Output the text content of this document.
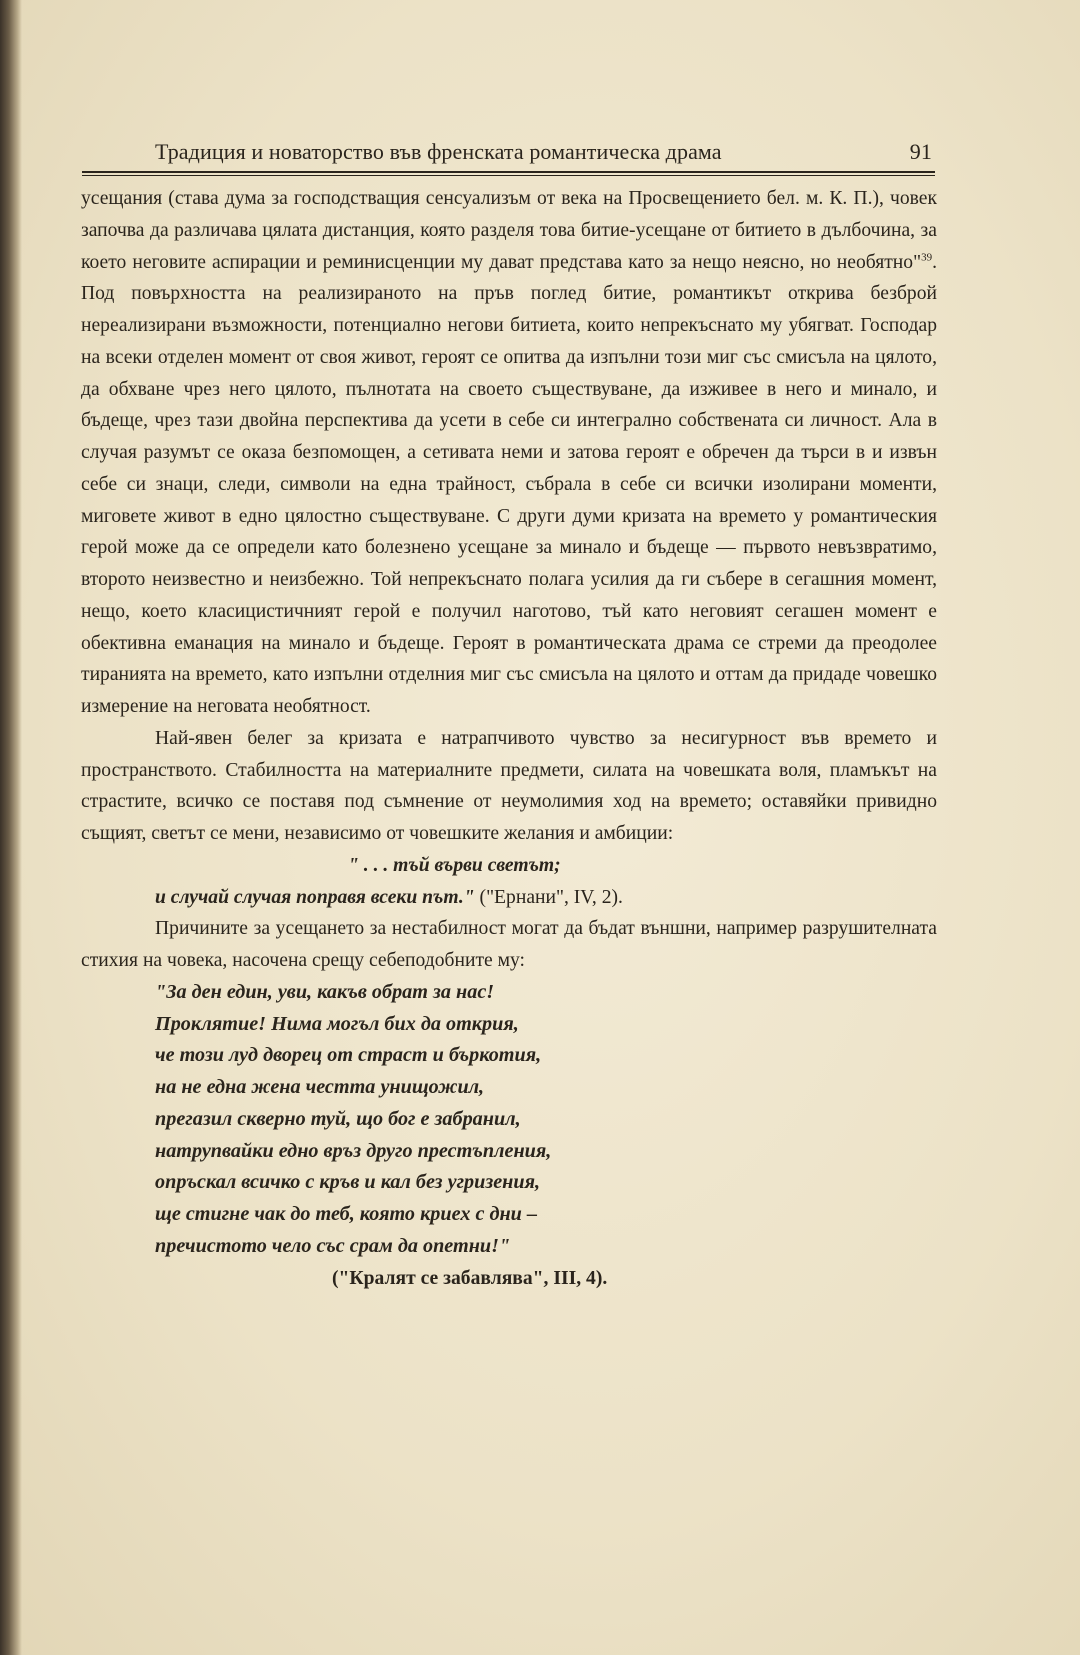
Традиция и новаторство във френската романтическа драма	91

усещания (става дума за господстващия сенсуализъм от века на Просвещението бел. м. К. П.), човек започва да различава цялата дистанция, която разделя това битие-усещане от битието в дълбочина, за което неговите аспирации и реминисценции му дават представа като за нещо неясно, но необятно"$^{39}$. Под повърхността на реализираното на пръв поглед битие, романтикът открива безброй нереализирани възможности, потенциално негови битиета, които непрекъснато му убягват. Господар на всеки отделен момент от своя живот, героят се опитва да изпълни този миг със смисъла на цялото, да обхване чрез него цялото, пълнотата на своето съществуване, да изживее в него и минало, и бъдеще, чрез тази двойна перспектива да усети в себе си интегрално собствената си личност. Ала в случая разумът се оказа безпомощен, а сетивата неми и затова героят е обречен да търси в и извън себе си знаци, следи, символи на една трайност, събрала в себе си всички изолирани моменти, миговете живот в едно цялостно съществуване. С други думи кризата на времето у романтическия герой може да се определи като болезнено усещане за минало и бъдеще — първото невъзвратимо, второто неизвестно и неизбежно. Той непрекъснато полага усилия да ги събере в сегашния момент, нещо, което класицистичният герой е получил наготово, тъй като неговият сегашен момент е обективна еманация на минало и бъдеще. Героят в романтическата драма се стреми да преодолее тиранията на времето, като изпълни отделния миг със смисъла на цялото и оттам да придаде човешко измерение на неговата необятност.

Най-явен белег за кризата е натрапчивото чувство за несигурност във времето и пространството. Стабилността на материалните предмети, силата на човешката воля, пламъкът на страстите, всичко се поставя под съмнение от неумолимия ход на времето; оставяйки привидно същият, светът се мени, независимо от човешките желания и амбиции:

" . . . тъй върви светът;
и случай случая поправя всеки път." ("Ернани", IV, 2).

Причините за усещането за нестабилност могат да бъдат външни, например разрушителната стихия на човека, насочена срещу себеподобните му:

"За ден един, уви, какъв обрат за нас!
Проклятие! Нима могъл бих да открия,
че този луд дворец от страст и бъркотия,
на не една жена честта унищожил,
прегазил скверно туй, що бог е забранил,
натрупвайки едно връз друго престъпления,
опръскал всичко с кръв и кал без угризения,
ще стигне чак до теб, която криех с дни –
пречистото чело със срам да опетни!"
("Кралят се забавлява", III, 4).
